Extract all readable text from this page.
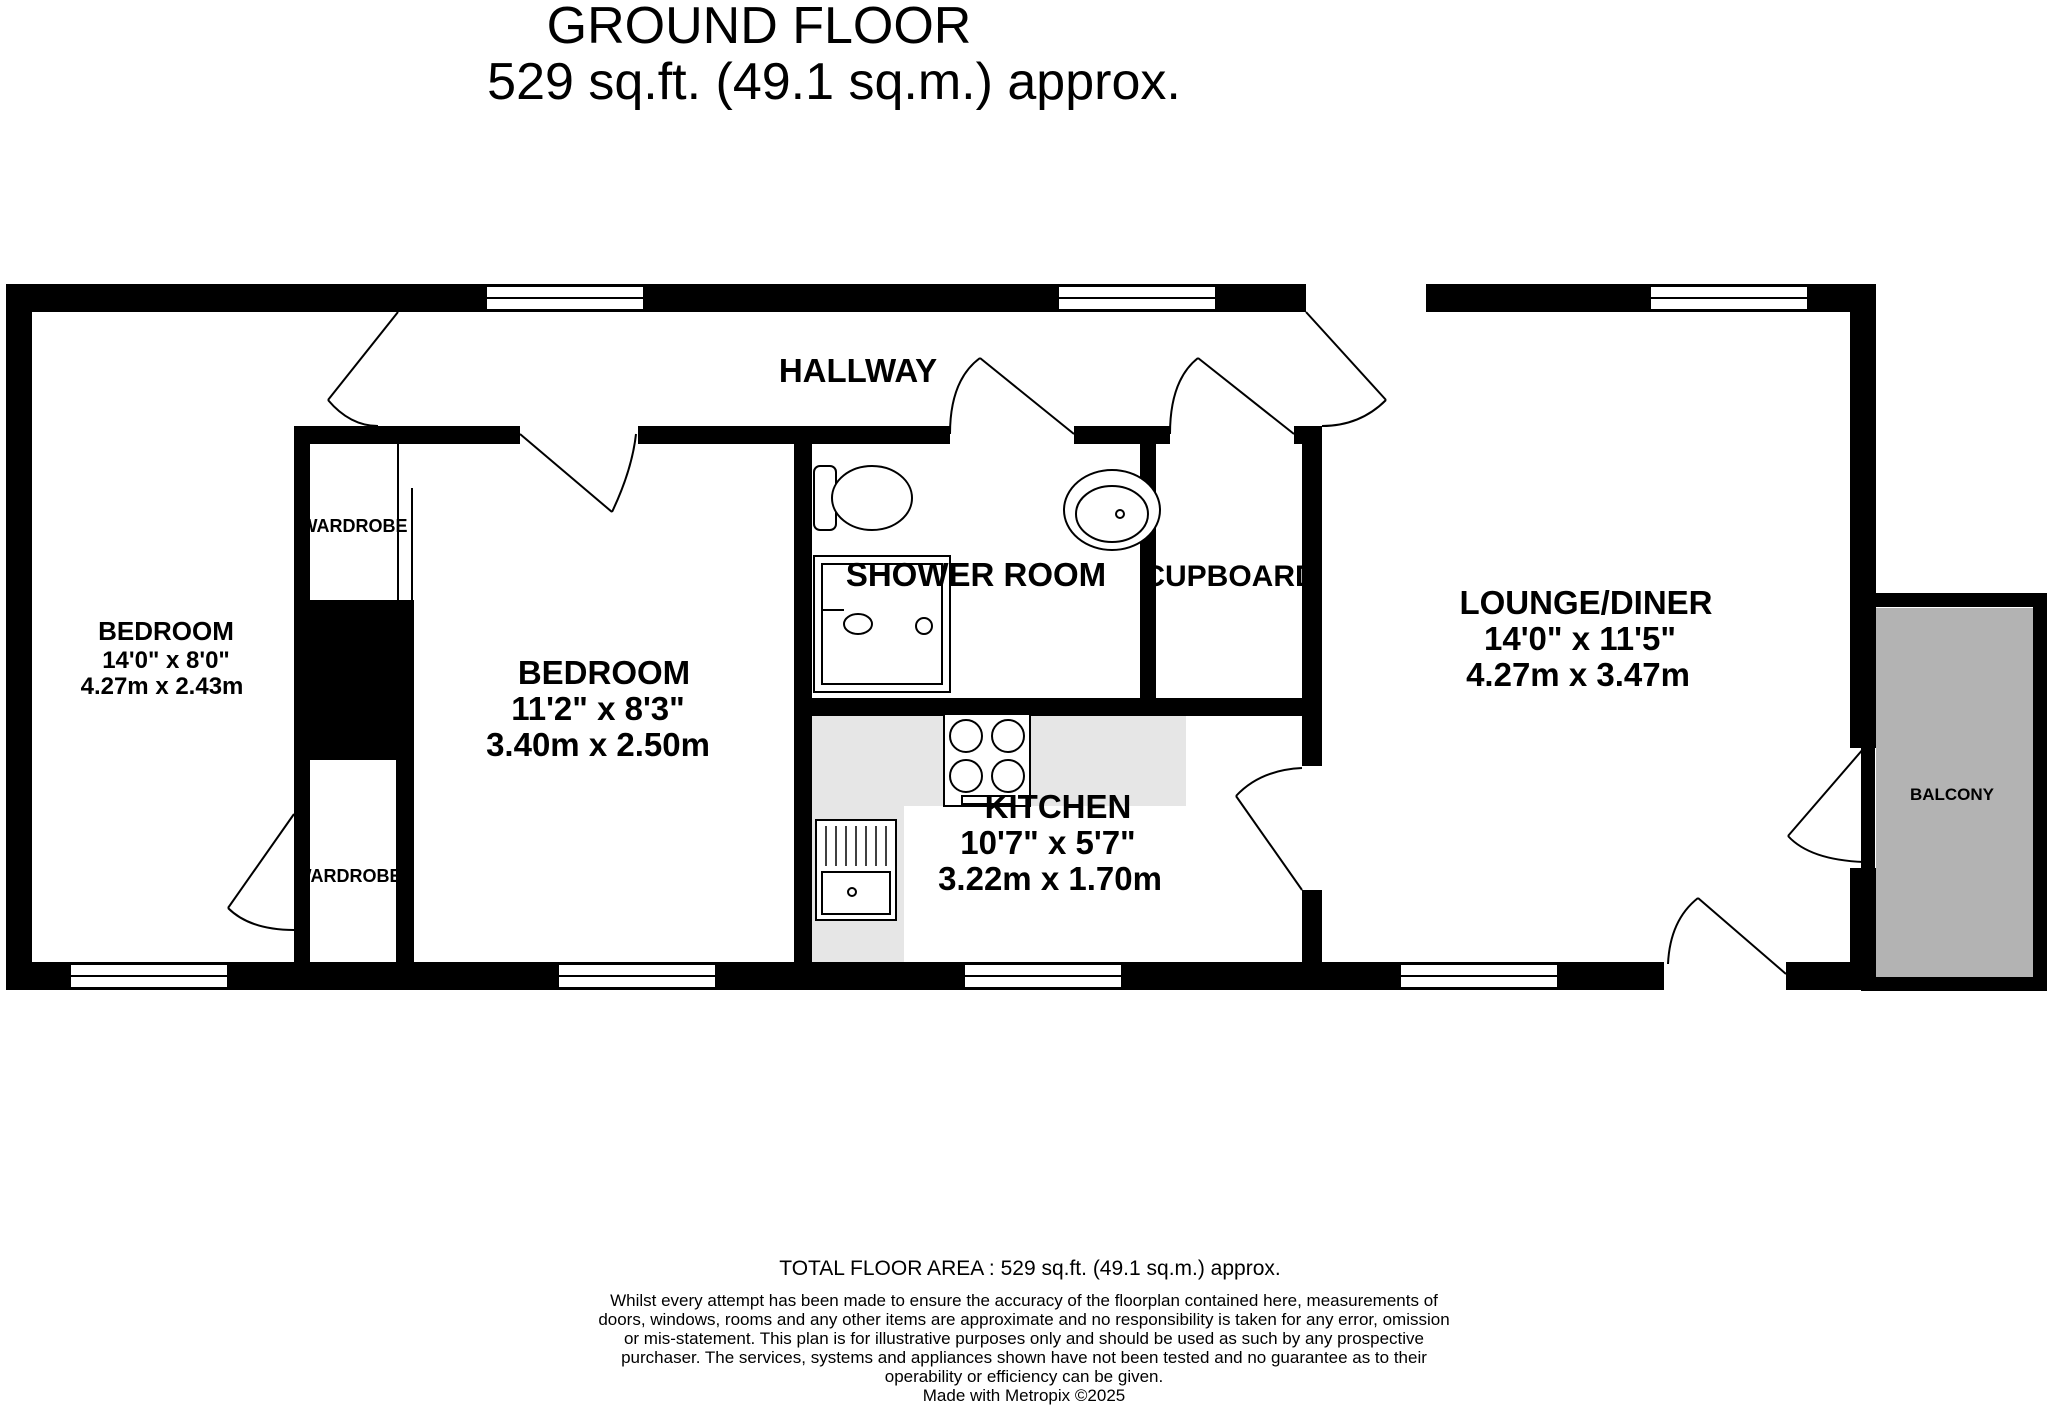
GROUND FLOOR
529 sq.ft. (49.1 sq.m.) approx.
BEDROOM
14'0" x 8'0"
4.27m x 2.43m
WARDROBE
WARDROBE
BEDROOM
11'2" x 8'3"
3.40m x 2.50m
HALLWAY
SHOWER ROOM CUPBOARD
KITCHEN
10'7" x 5'7"
3.22m x 1.70m
LOUNGE/DINER
14'0" x 11'5"
4.27m x 3.47m
BALCONY
TOTAL FLOOR AREA : 529 sq.ft. (49.1 sq.m.) approx.
Whilst every attempt has been made to ensure the accuracy of the floorplan contained here, measurements of doors, windows, rooms and any other items are approximate and no responsibility is taken for any error, omission or mis-statement. This plan is for illustrative purposes only and should be used as such by any prospective purchaser. The services, systems and appliances shown have not been tested and no guarantee as to their operability or efficiency can be given.
Made with Metropix ©2025
